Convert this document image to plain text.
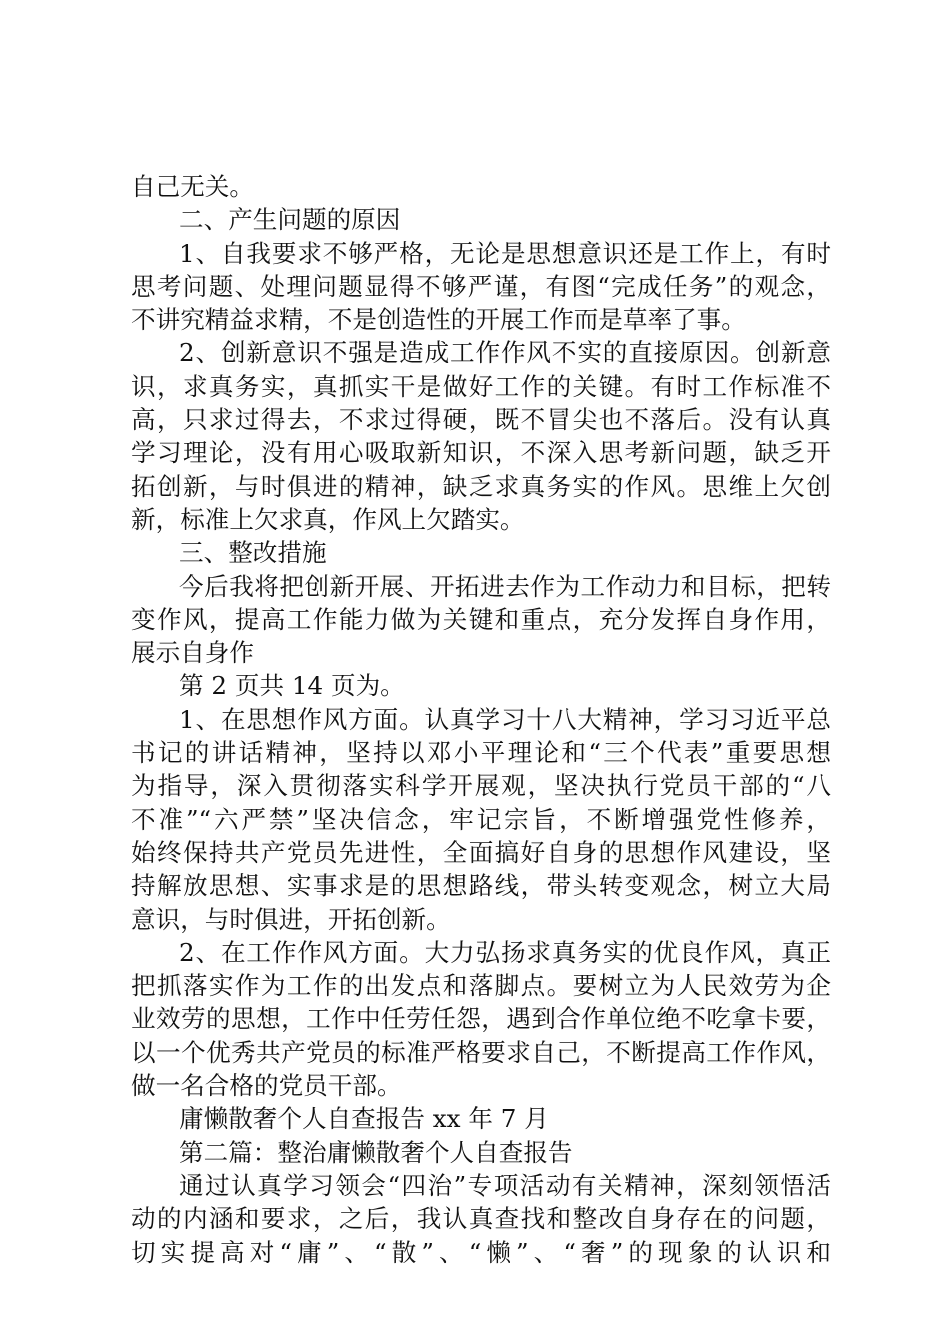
自己无关。
二、产生问题的原因
1、自我要求不够严格，无论是思想意识还是工作上，有时
思考问题、处理问题显得不够严谨，有图“完成任务”的观念，
不讲究精益求精，不是创造性的开展工作而是草率了事。
2、创新意识不强是造成工作作风不实的直接原因。创新意
识，求真务实，真抓实干是做好工作的关键。有时工作标准不
高，只求过得去，不求过得硬，既不冒尖也不落后。没有认真
学习理论，没有用心吸取新知识，不深入思考新问题，缺乏开
拓创新，与时俱进的精神，缺乏求真务实的作风。思维上欠创
新，标准上欠求真，作风上欠踏实。
三、整改措施
今后我将把创新开展、开拓进去作为工作动力和目标，把转
变作风，提高工作能力做为关键和重点，充分发挥自身作用，
展示自身作
第 2 页共 14 页为。
1、在思想作风方面。认真学习十八大精神，学习习近平总
书记的讲话精神，坚持以邓小平理论和“三个代表”重要思想
为指导，深入贯彻落实科学开展观，坚决执行党员干部的“八
不准”“六严禁”坚决信念，牢记宗旨，不断增强党性修养，
始终保持共产党员先进性，全面搞好自身的思想作风建设，坚
持解放思想、实事求是的思想路线，带头转变观念，树立大局
意识，与时俱进，开拓创新。
2、在工作作风方面。大力弘扬求真务实的优良作风，真正
把抓落实作为工作的出发点和落脚点。要树立为人民效劳为企
业效劳的思想，工作中任劳任怨，遇到合作单位绝不吃拿卡要，
以一个优秀共产党员的标准严格要求自己，不断提高工作作风，
做一名合格的党员干部。
庸懒散奢个人自查报告 xx 年 7 月
第二篇：整治庸懒散奢个人自查报告
通过认真学习领会“四治”专项活动有关精神，深刻领悟活
动的内涵和要求，之后，我认真查找和整改自身存在的问题，
切实提高对“庸”、“散”、“懒”、“奢”的现象的认识和
